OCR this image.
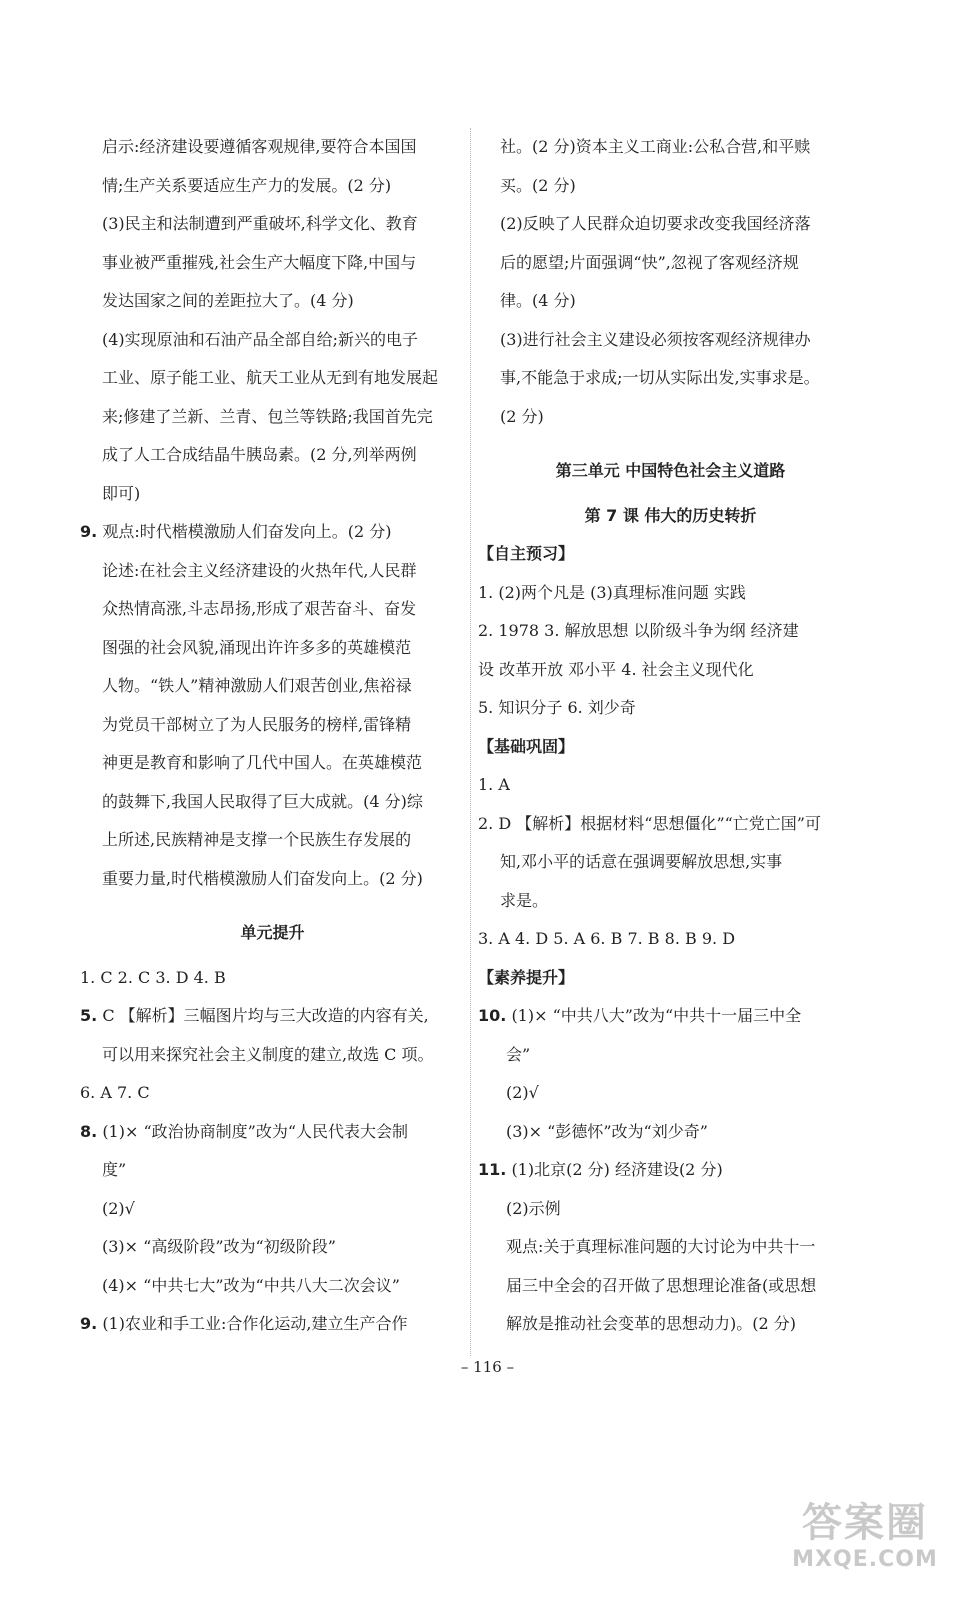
启示:经济建设要遵循客观规律,要符合本国国

情;生产关系要适应生产力的发展。(2 分)

(3)民主和法制遭到严重破坏,科学文化、教育

事业被严重摧残,社会生产大幅度下降,中国与

发达国家之间的差距拉大了。(4 分)

(4)实现原油和石油产品全部自给;新兴的电子

工业、原子能工业、航天工业从无到有地发展起

来;修建了兰新、兰青、包兰等铁路;我国首先完

成了人工合成结晶牛胰岛素。(2 分,列举两例

即可)

9. 观点:时代楷模激励人们奋发向上。(2 分)

论述:在社会主义经济建设的火热年代,人民群

众热情高涨,斗志昂扬,形成了艰苦奋斗、奋发

图强的社会风貌,涌现出许许多多的英雄模范

人物。“铁人”精神激励人们艰苦创业,焦裕禄

为党员干部树立了为人民服务的榜样,雷锋精

神更是教育和影响了几代中国人。在英雄模范

的鼓舞下,我国人民取得了巨大成就。(4 分)综

上所述,民族精神是支撑一个民族生存发展的

重要力量,时代楷模激励人们奋发向上。(2 分)

单元提升

1. C 2. C 3. D 4. B

5. C 【解析】三幅图片均与三大改造的内容有关,

可以用来探究社会主义制度的建立,故选 C 项。

6. A 7. C

8. (1)× “政治协商制度”改为“人民代表大会制

度”

(2)√

(3)× “高级阶段”改为“初级阶段”

(4)× “中共七大”改为“中共八大二次会议”

9. (1)农业和手工业:合作化运动,建立生产合作

社。(2 分)资本主义工商业:公私合营,和平赎

买。(2 分)

(2)反映了人民群众迫切要求改变我国经济落

后的愿望;片面强调“快”,忽视了客观经济规

律。(4 分)

(3)进行社会主义建设必须按客观经济规律办

事,不能急于求成;一切从实际出发,实事求是。

(2 分)

第三单元 中国特色社会主义道路

第 7 课 伟大的历史转折

【自主预习】

1. (2)两个凡是 (3)真理标准问题 实践

2. 1978 3. 解放思想 以阶级斗争为纲 经济建

设 改革开放 邓小平 4. 社会主义现代化

5. 知识分子 6. 刘少奇

【基础巩固】

1. A

2. D 【解析】根据材料“思想僵化”“亡党亡国”可

知,邓小平的话意在强调要解放思想,实事

求是。

3. A 4. D 5. A 6. B 7. B 8. B 9. D

【素养提升】

10. (1)× “中共八大”改为“中共十一届三中全

会”

(2)√

(3)× “彭德怀”改为“刘少奇”

11. (1)北京(2 分) 经济建设(2 分)

(2)示例

观点:关于真理标准问题的大讨论为中共十一

届三中全会的召开做了思想理论准备(或思想

解放是推动社会变革的思想动力)。(2 分)

– 116 –
答案圈
MXQE.COM
